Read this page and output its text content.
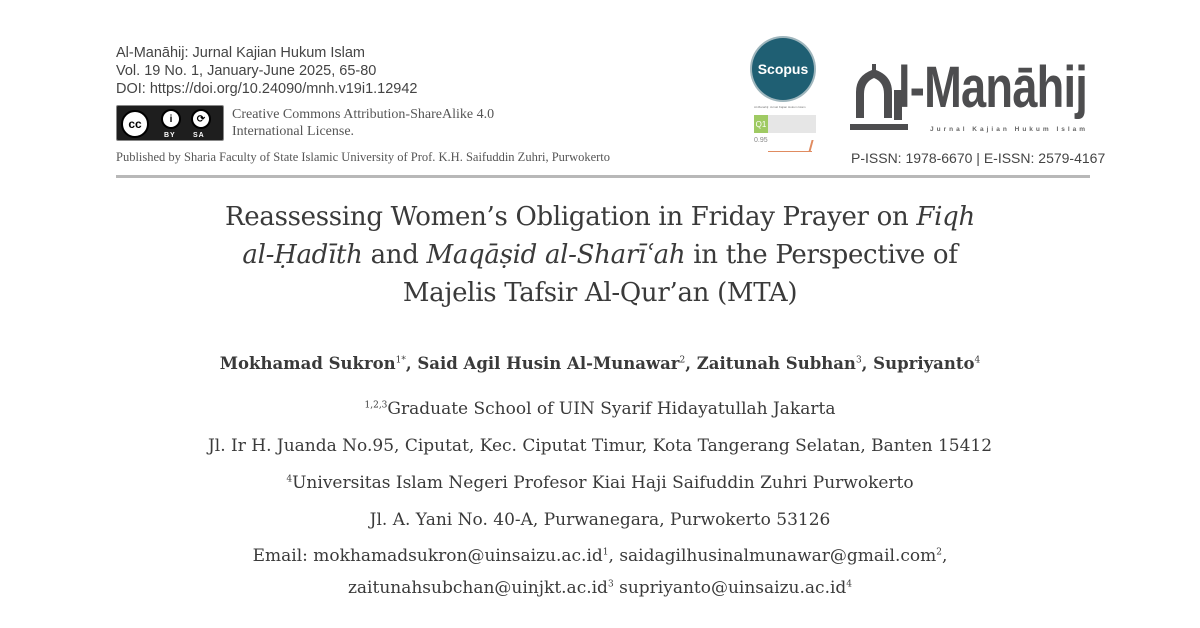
Al-Manāhij: Jurnal Kajian Hukum Islam
Vol. 19 No. 1, January-June 2025, 65-80
DOI: https://doi.org/10.24090/mnh.v19i1.12942
cc	i	⟳
BY SA
Creative Commons Attribution-ShareAlike 4.0
International License.
Published by Sharia Faculty of State Islamic University of Prof. K.H. Saifuddin Zuhri, Purwokerto
Scopus
Al-Manahij: Jurnal Kajian Hukum Islam
Q1
0.95
l-Manāhij
Jurnal Kajian Hukum Islam
P-ISSN: 1978-6670 | E-ISSN: 2579-4167
Reassessing Women’s Obligation in Friday Prayer on Fiqh
al-Ḥadīth and Maqāṣid al-Sharīʿah in the Perspective of
Majelis Tafsir Al-Qur’an (MTA)
Mokhamad Sukron$^{1*}$, Said Agil Husin Al-Munawar$^2$, Zaitunah Subhan$^3$, Supriyanto$^4$
$^{1,2,3}$Graduate School of UIN Syarif Hidayatullah Jakarta
Jl. Ir H. Juanda No.95, Ciputat, Kec. Ciputat Timur, Kota Tangerang Selatan, Banten 15412
$^4$Universitas Islam Negeri Profesor Kiai Haji Saifuddin Zuhri Purwokerto
Jl. A. Yani No. 40-A, Purwanegara, Purwokerto 53126
Email: $mokhamadsukron@uinsaizu.ac.id^1$, saidagilhusinalmunawar@gmail.com$^2$,
$zaitunahsubchan@uinjkt.ac.id^3$ $supriyanto@uinsaizu.ac.id^4$
